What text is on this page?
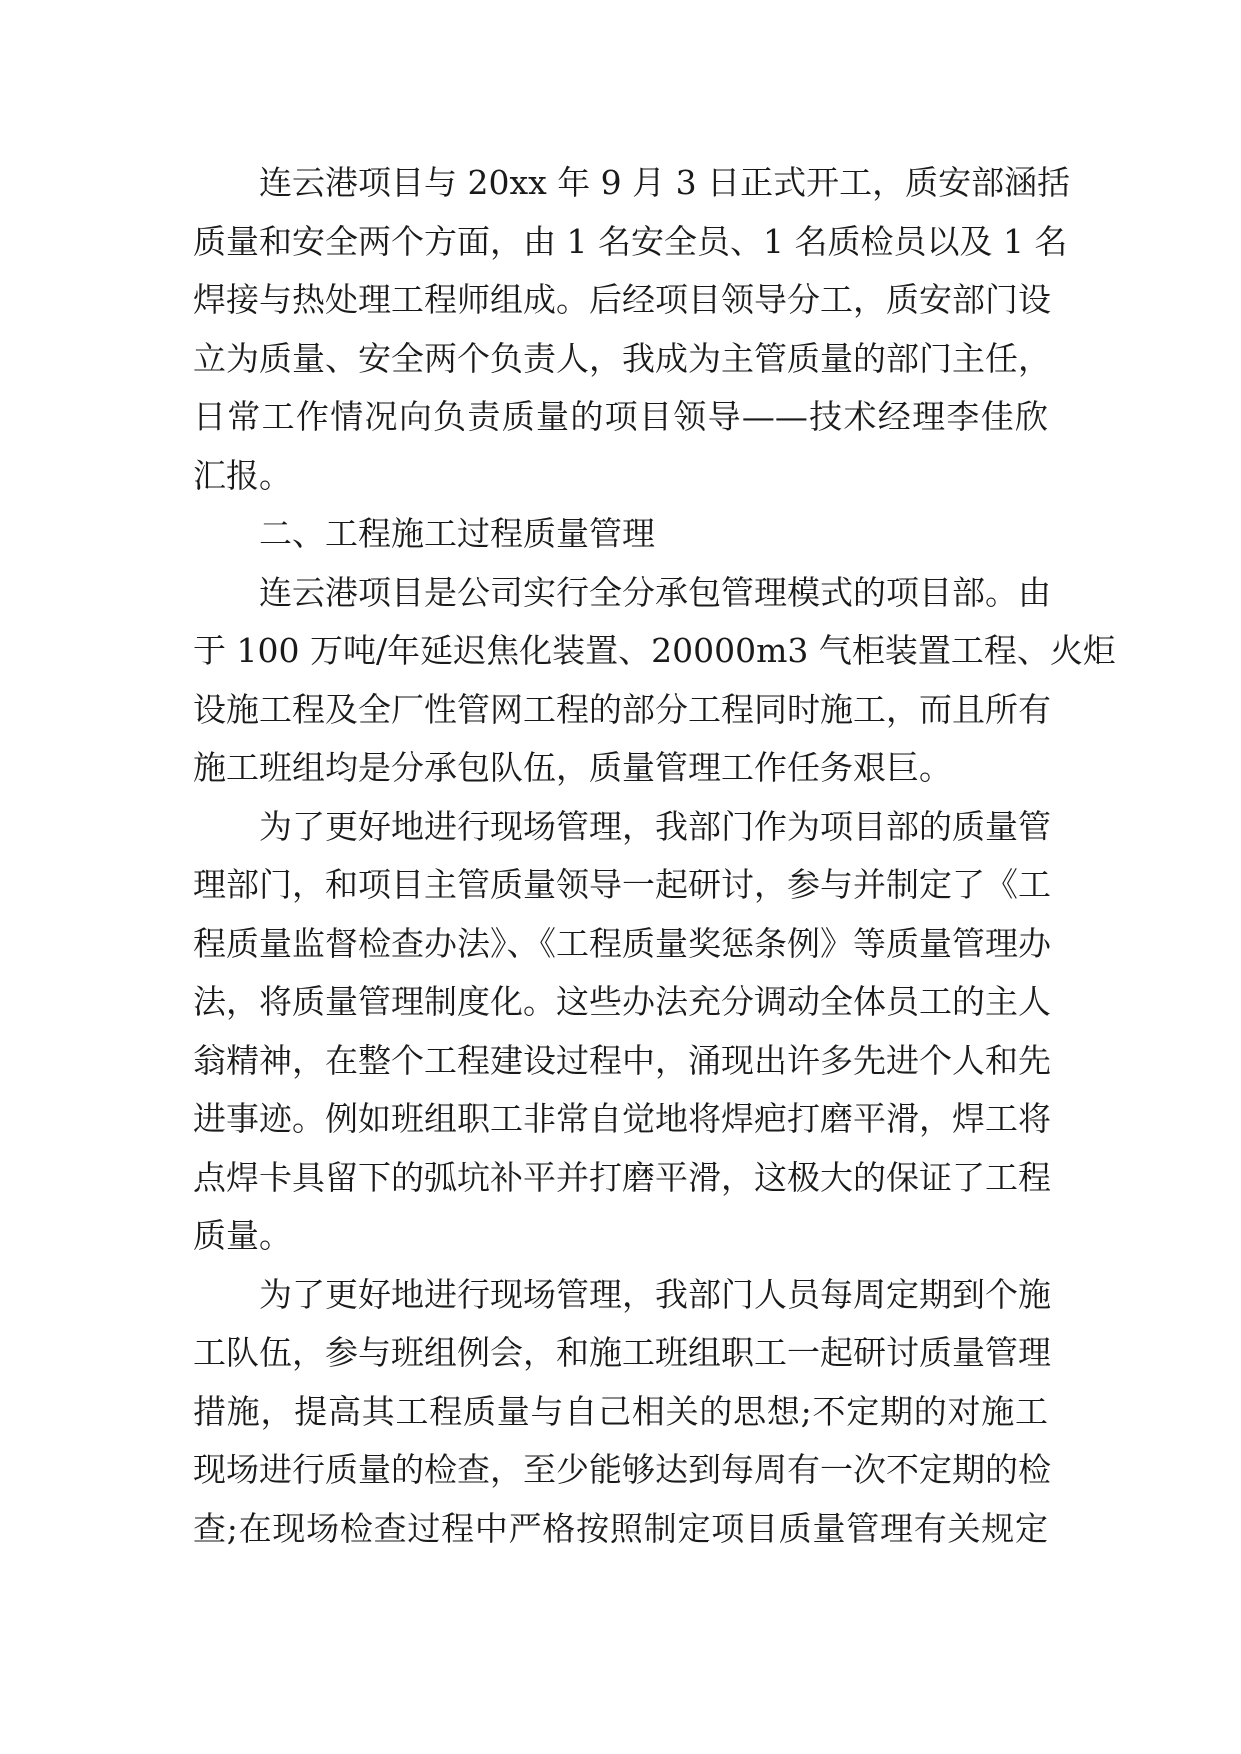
连云港项目与 20xx 年 9 月 3 日正式开工，质安部涵括
质量和安全两个方面，由 1 名安全员、1 名质检员以及 1 名
焊接与热处理工程师组成。后经项目领导分工，质安部门设
立为质量、安全两个负责人，我成为主管质量的部门主任，
日常工作情况向负责质量的项目领导——技术经理李佳欣
汇报。
二、工程施工过程质量管理
连云港项目是公司实行全分承包管理模式的项目部。由
于 100 万吨/年延迟焦化装置、20000m3 气柜装置工程、火炬
设施工程及全厂性管网工程的部分工程同时施工，而且所有
施工班组均是分承包队伍，质量管理工作任务艰巨。
为了更好地进行现场管理，我部门作为项目部的质量管
理部门，和项目主管质量领导一起研讨，参与并制定了《工
程质量监督检查办法》、《工程质量奖惩条例》等质量管理办
法，将质量管理制度化。这些办法充分调动全体员工的主人
翁精神，在整个工程建设过程中，涌现出许多先进个人和先
进事迹。例如班组职工非常自觉地将焊疤打磨平滑，焊工将
点焊卡具留下的弧坑补平并打磨平滑，这极大的保证了工程
质量。
为了更好地进行现场管理，我部门人员每周定期到个施
工队伍，参与班组例会，和施工班组职工一起研讨质量管理
措施，提高其工程质量与自己相关的思想;不定期的对施工
现场进行质量的检查，至少能够达到每周有一次不定期的检
查;在现场检查过程中严格按照制定项目质量管理有关规定
